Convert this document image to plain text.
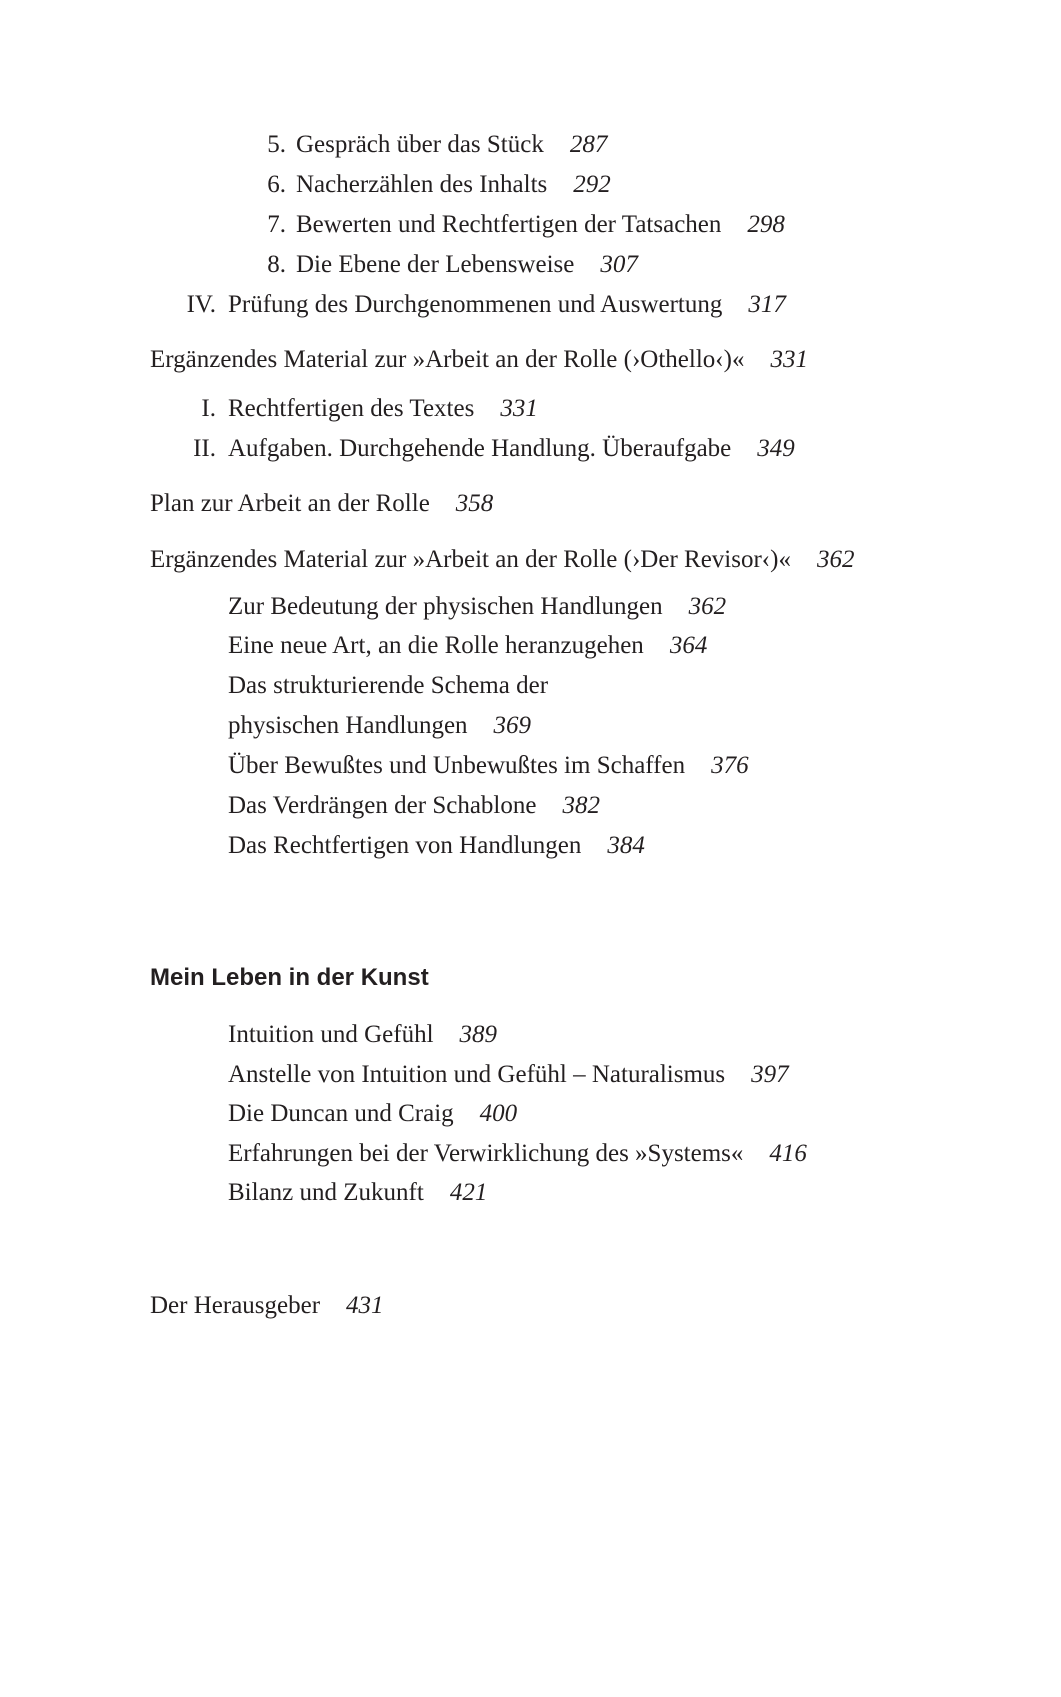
Gespräch über das Stück 287
5.
Nacherzählen des Inhalts 292
6.
Bewerten und Rechtfertigen der Tatsachen 298
7.
Die Ebene der Lebensweise 307
8.
Prüfung des Durchgenommenen und Auswertung 317
IV.
Ergänzendes Material zur »Arbeit an der Rolle (›Othello‹)« 331
Rechtfertigen des Textes 331
I.
Aufgaben. Durchgehende Handlung. Überaufgabe 349
II.
Plan zur Arbeit an der Rolle 358
Ergänzendes Material zur »Arbeit an der Rolle (›Der Revisor‹)« 362
Zur Bedeutung der physischen Handlungen 362
Eine neue Art, an die Rolle heranzugehen 364
Das strukturierende Schema der
physischen Handlungen 369
Über Bewußtes und Unbewußtes im Schaffen 376
Das Verdrängen der Schablone 382
Das Rechtfertigen von Handlungen 384
Intuition und Gefühl 389
Anstelle von Intuition und Gefühl – Naturalismus 397
Die Duncan und Craig 400
Erfahrungen bei der Verwirklichung des »Systems« 416
Bilanz und Zukunft 421
Der Herausgeber 431
Mein Leben in der Kunst
